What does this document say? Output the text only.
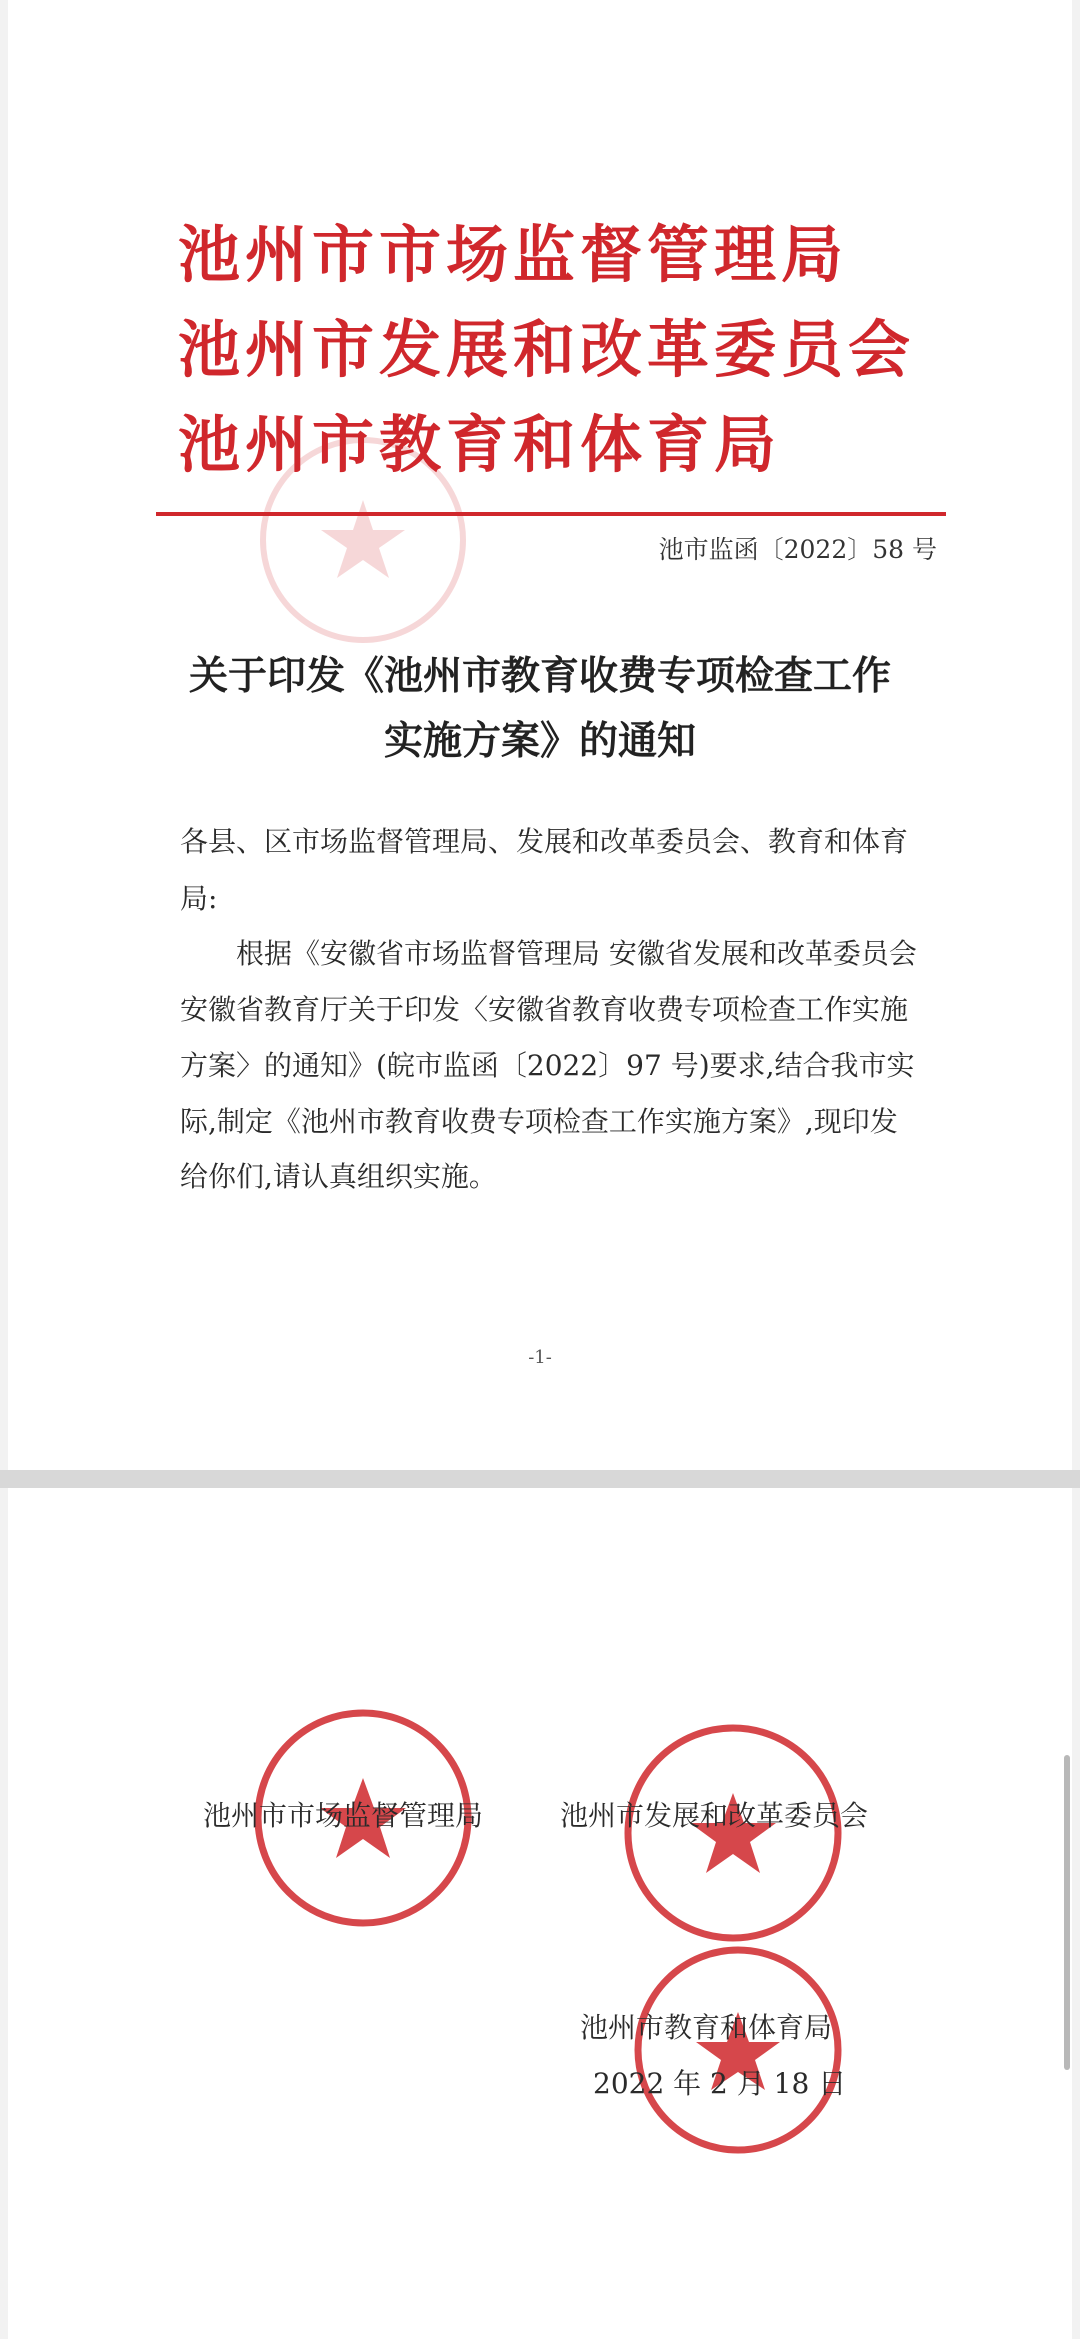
池州市市场监督管理局
池州市发展和改革委员会
池州市教育和体育局
池市监函〔2022〕58 号
关于印发《池州市教育收费专项检查工作
实施方案》的通知
各县、区市场监督管理局、发展和改革委员会、教育和体育
局:
根据《安徽省市场监督管理局 安徽省发展和改革委员会
安徽省教育厅关于印发〈安徽省教育收费专项检查工作实施
方案〉的通知》(皖市监函〔2022〕97 号)要求,结合我市实
际,制定《池州市教育收费专项检查工作实施方案》,现印发
给你们,请认真组织实施。
-1-
池州市市场监督管理局	池州市发展和改革委员会
池州市教育和体育局
2022 年 2 月 18 日
